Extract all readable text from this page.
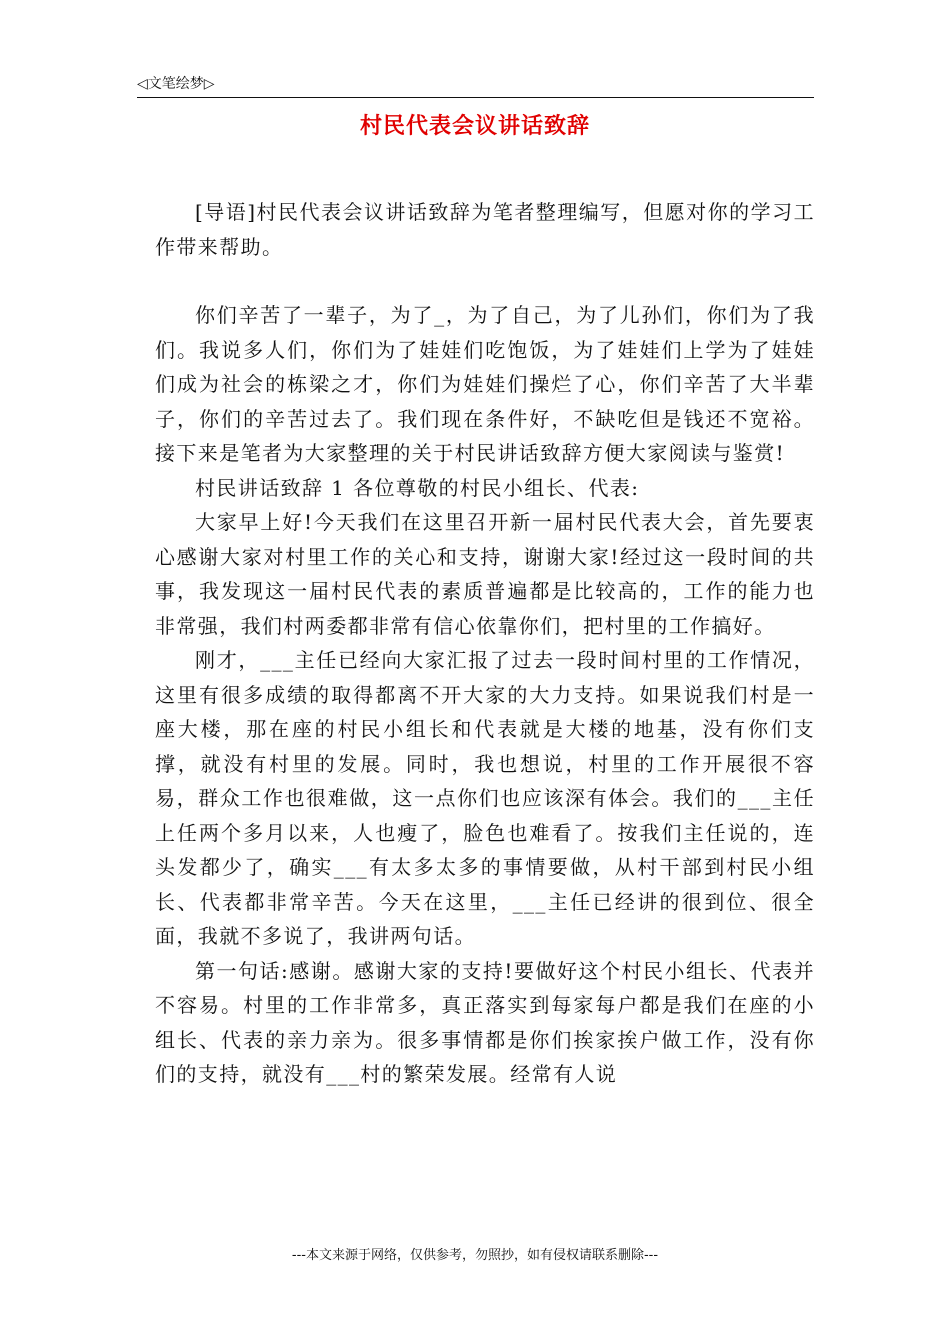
◁文笔绘梦▷
村民代表会议讲话致辞

[导语]村民代表会议讲话致辞为笔者整理编写，但愿对你的学习工作带来帮助。

你们辛苦了一辈子，为了_，为了自己，为了儿孙们，你们为了我们。我说多人们，你们为了娃娃们吃饱饭，为了娃娃们上学为了娃娃们成为社会的栋梁之才，你们为娃娃们操烂了心，你们辛苦了大半辈子，你们的辛苦过去了。我们现在条件好，不缺吃但是钱还不宽裕。接下来是笔者为大家整理的关于村民讲话致辞方便大家阅读与鉴赏!

村民讲话致辞 1 各位尊敬的村民小组长、代表:

大家早上好!今天我们在这里召开新一届村民代表大会，首先要衷心感谢大家对村里工作的关心和支持，谢谢大家!经过这一段时间的共事，我发现这一届村民代表的素质普遍都是比较高的，工作的能力也非常强，我们村两委都非常有信心依靠你们，把村里的工作搞好。

刚才，___主任已经向大家汇报了过去一段时间村里的工作情况，这里有很多成绩的取得都离不开大家的大力支持。如果说我们村是一座大楼，那在座的村民小组长和代表就是大楼的地基，没有你们支撑，就没有村里的发展。同时，我也想说，村里的工作开展很不容易，群众工作也很难做，这一点你们也应该深有体会。我们的___主任上任两个多月以来，人也瘦了，脸色也难看了。按我们主任说的，连头发都少了，确实___有太多太多的事情要做，从村干部到村民小组长、代表都非常辛苦。今天在这里，___主任已经讲的很到位、很全面，我就不多说了，我讲两句话。

第一句话:感谢。感谢大家的支持!要做好这个村民小组长、代表并不容易。村里的工作非常多，真正落实到每家每户都是我们在座的小组长、代表的亲力亲为。很多事情都是你们挨家挨户做工作，没有你们的支持，就没有___村的繁荣发展。经常有人说

---本文来源于网络，仅供参考，勿照抄，如有侵权请联系删除---
